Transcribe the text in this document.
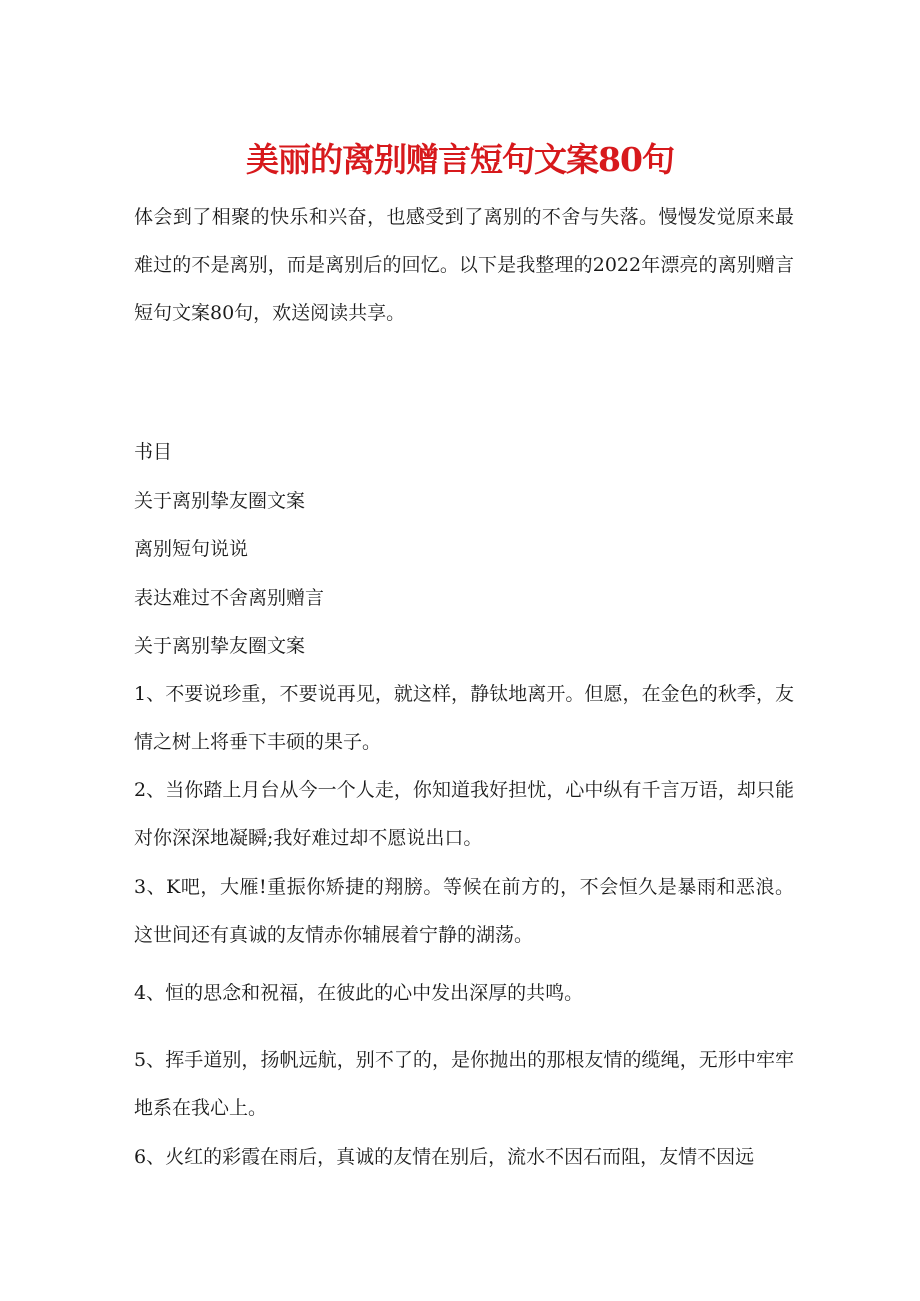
美丽的离别赠言短句文案80句

体会到了相聚的快乐和兴奋，也感受到了离别的不舍与失落。慢慢发觉原来最难过的不是离别，而是离别后的回忆。以下是我整理的2022年漂亮的离别赠言短句文案80句，欢送阅读共享。

书目

关于离别挚友圈文案

离别短句说说

表达难过不舍离别赠言

关于离别挚友圈文案

1、不要说珍重，不要说再见，就这样，静钛地离开。但愿，在金色的秋季，友情之树上将垂下丰硕的果子。

2、当你踏上月台从今一个人走，你知道我好担忧，心中纵有千言万语，却只能对你深深地凝瞬;我好难过却不愿说出口。

3、K吧，大雁!重振你矫捷的翔膀。等候在前方的，不会恒久是暴雨和恶浪。这世间还有真诚的友情赤你辅展着宁静的湖荡。

4、恒的思念和祝福，在彼此的心中发出深厚的共鸣。

5、挥手道别，扬帆远航，别不了的，是你抛出的那根友情的缆绳，无形中牢牢地系在我心上。

6、火红的彩霞在雨后，真诚的友情在别后，流水不因石而阻，友情不因远
